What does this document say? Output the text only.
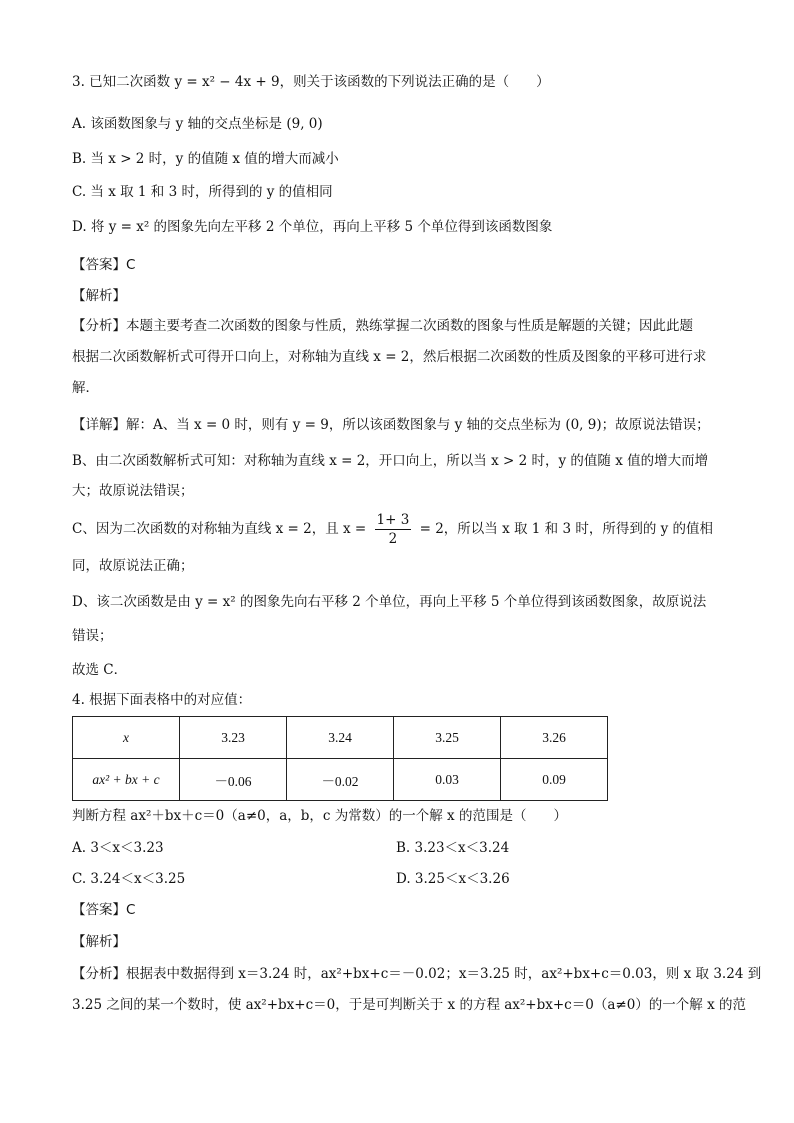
3. 已知二次函数 y = x² − 4x + 9，则关于该函数的下列说法正确的是（　　）
A. 该函数图象与 y 轴的交点坐标是 (9, 0)
B. 当 x > 2 时，y 的值随 x 值的增大而减小
C. 当 x 取 1 和 3 时，所得到的 y 的值相同
D. 将 y = x² 的图象先向左平移 2 个单位，再向上平移 5 个单位得到该函数图象
【答案】C
【解析】
【分析】本题主要考查二次函数的图象与性质，熟练掌握二次函数的图象与性质是解题的关键；因此此题
根据二次函数解析式可得开口向上，对称轴为直线 x = 2，然后根据二次函数的性质及图象的平移可进行求
解．
【详解】解：A、当 x = 0 时，则有 y = 9，所以该函数图象与 y 轴的交点坐标为 (0, 9)；故原说法错误；
B、由二次函数解析式可知：对称轴为直线 x = 2，开口向上，所以当 x > 2 时，y 的值随 x 值的增大而增
大；故原说法错误；
C、因为二次函数的对称轴为直线 x = 2，且 $x = \frac{1+ 3}{2} = 2$，所以当 x 取 1 和 3 时，所得到的 y 的值相
同，故原说法正确；
D、该二次函数是由 y = x² 的图象先向右平移 2 个单位，再向上平移 5 个单位得到该函数图象，故原说法
错误；
故选 C．
4. 根据下面表格中的对应值：
x	3.23	3.24	3.25	3.26
ax² + bx + c	－0.06	－0.02	0.03	0.09
判断方程 ax²＋bx＋c＝0（a≠0，a，b，c 为常数）的一个解 x 的范围是（　　）
A. 3＜x＜3.23	B. 3.23＜x＜3.24
C. 3.24＜x＜3.25	D. 3.25＜x＜3.26
【答案】C
【解析】
【分析】根据表中数据得到 x＝3.24 时，ax²+bx+c＝－0.02；x＝3.25 时，ax²+bx+c＝0.03，则 x 取 3.24 到
3.25 之间的某一个数时，使 ax²+bx+c＝0，于是可判断关于 x 的方程 ax²+bx+c＝0（a≠0）的一个解 x 的范
